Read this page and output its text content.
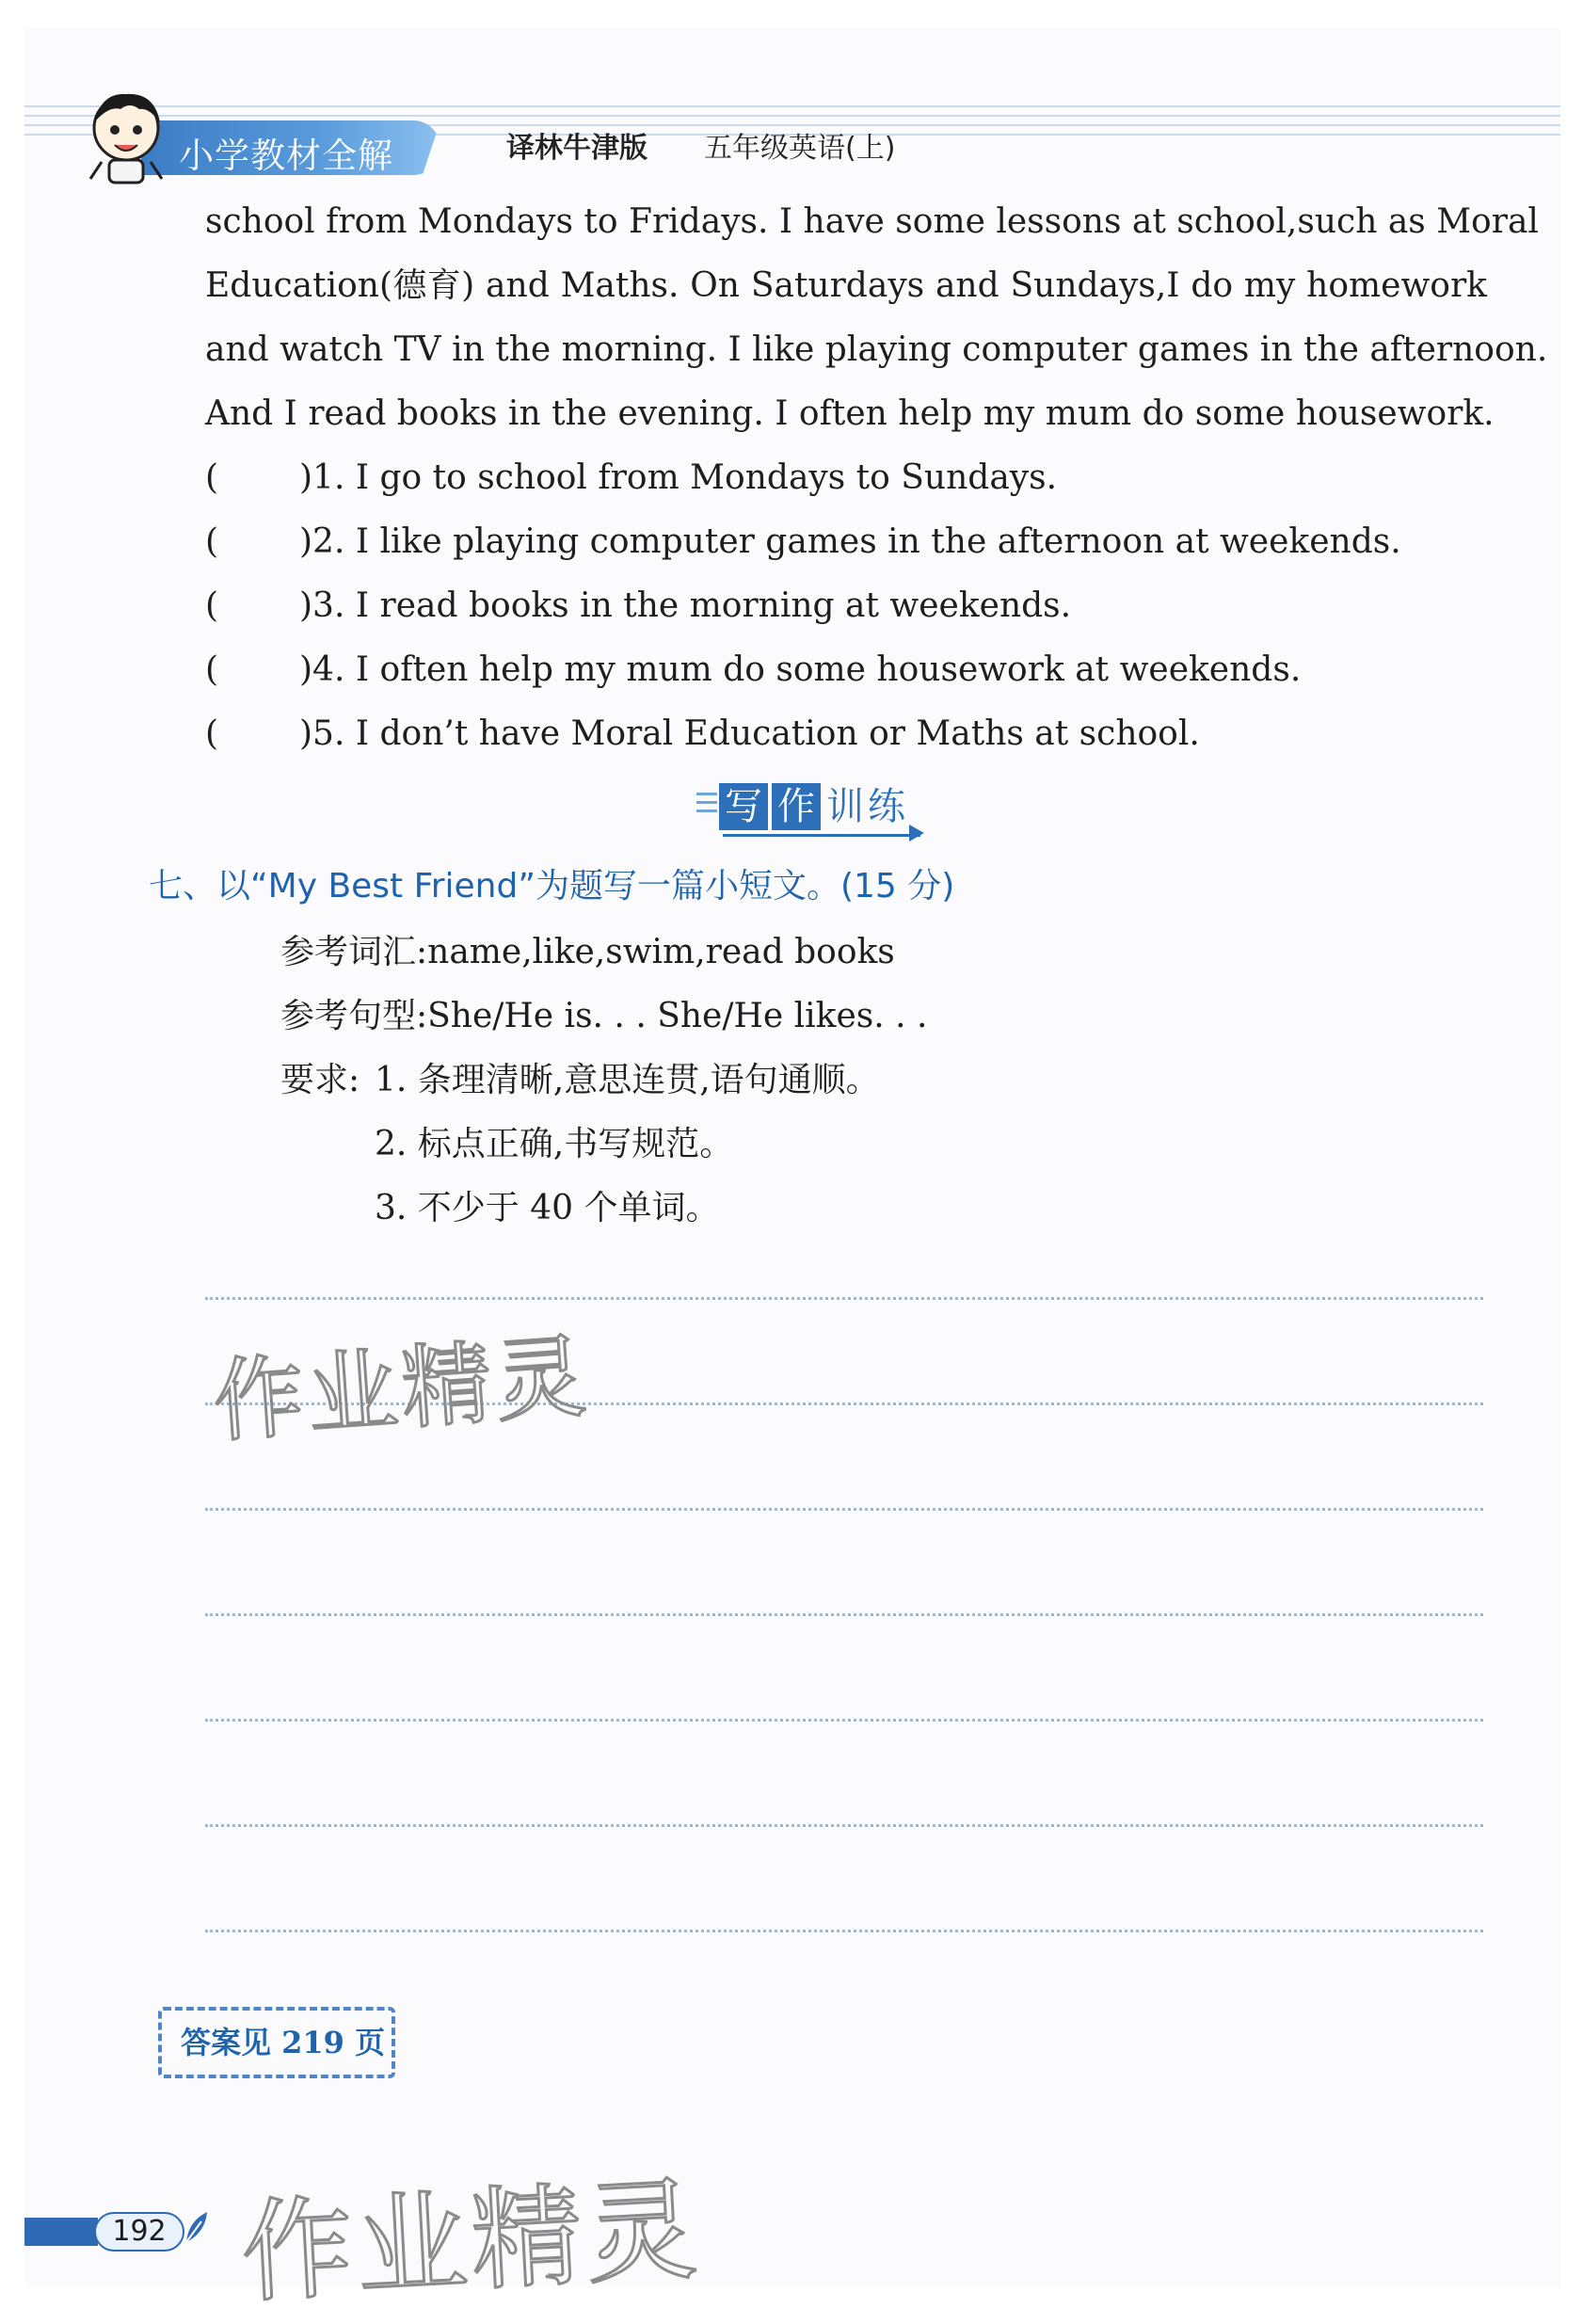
小学教材全解	译林牛津版 五年级英语(上)
school from Mondays to Fridays. I have some lessons at school,such as Moral
Education(德育) and Maths. On Saturdays and Sundays,I do my homework
and watch TV in the morning. I like playing computer games in the afternoon.
And I read books in the evening. I often help my mum do some housework.
( )1. I go to school from Mondays to Sundays.
( )2. I like playing computer games in the afternoon at weekends.
( )3. I read books in the morning at weekends.
( )4. I often help my mum do some housework at weekends.
( )5. I don’t have Moral Education or Maths at school.
写 作 训 练
七、以“My Best Friend”为题写一篇小短文。(15 分)
参考词汇:name,like,swim,read books
参考句型:She/He is. . . She/He likes. . .
要求: 1. 条理清晰,意思连贯,语句通顺。
2. 标点正确,书写规范。
3. 不少于 40 个单词。
作业精灵
作业精灵
答案见 219 页
192
